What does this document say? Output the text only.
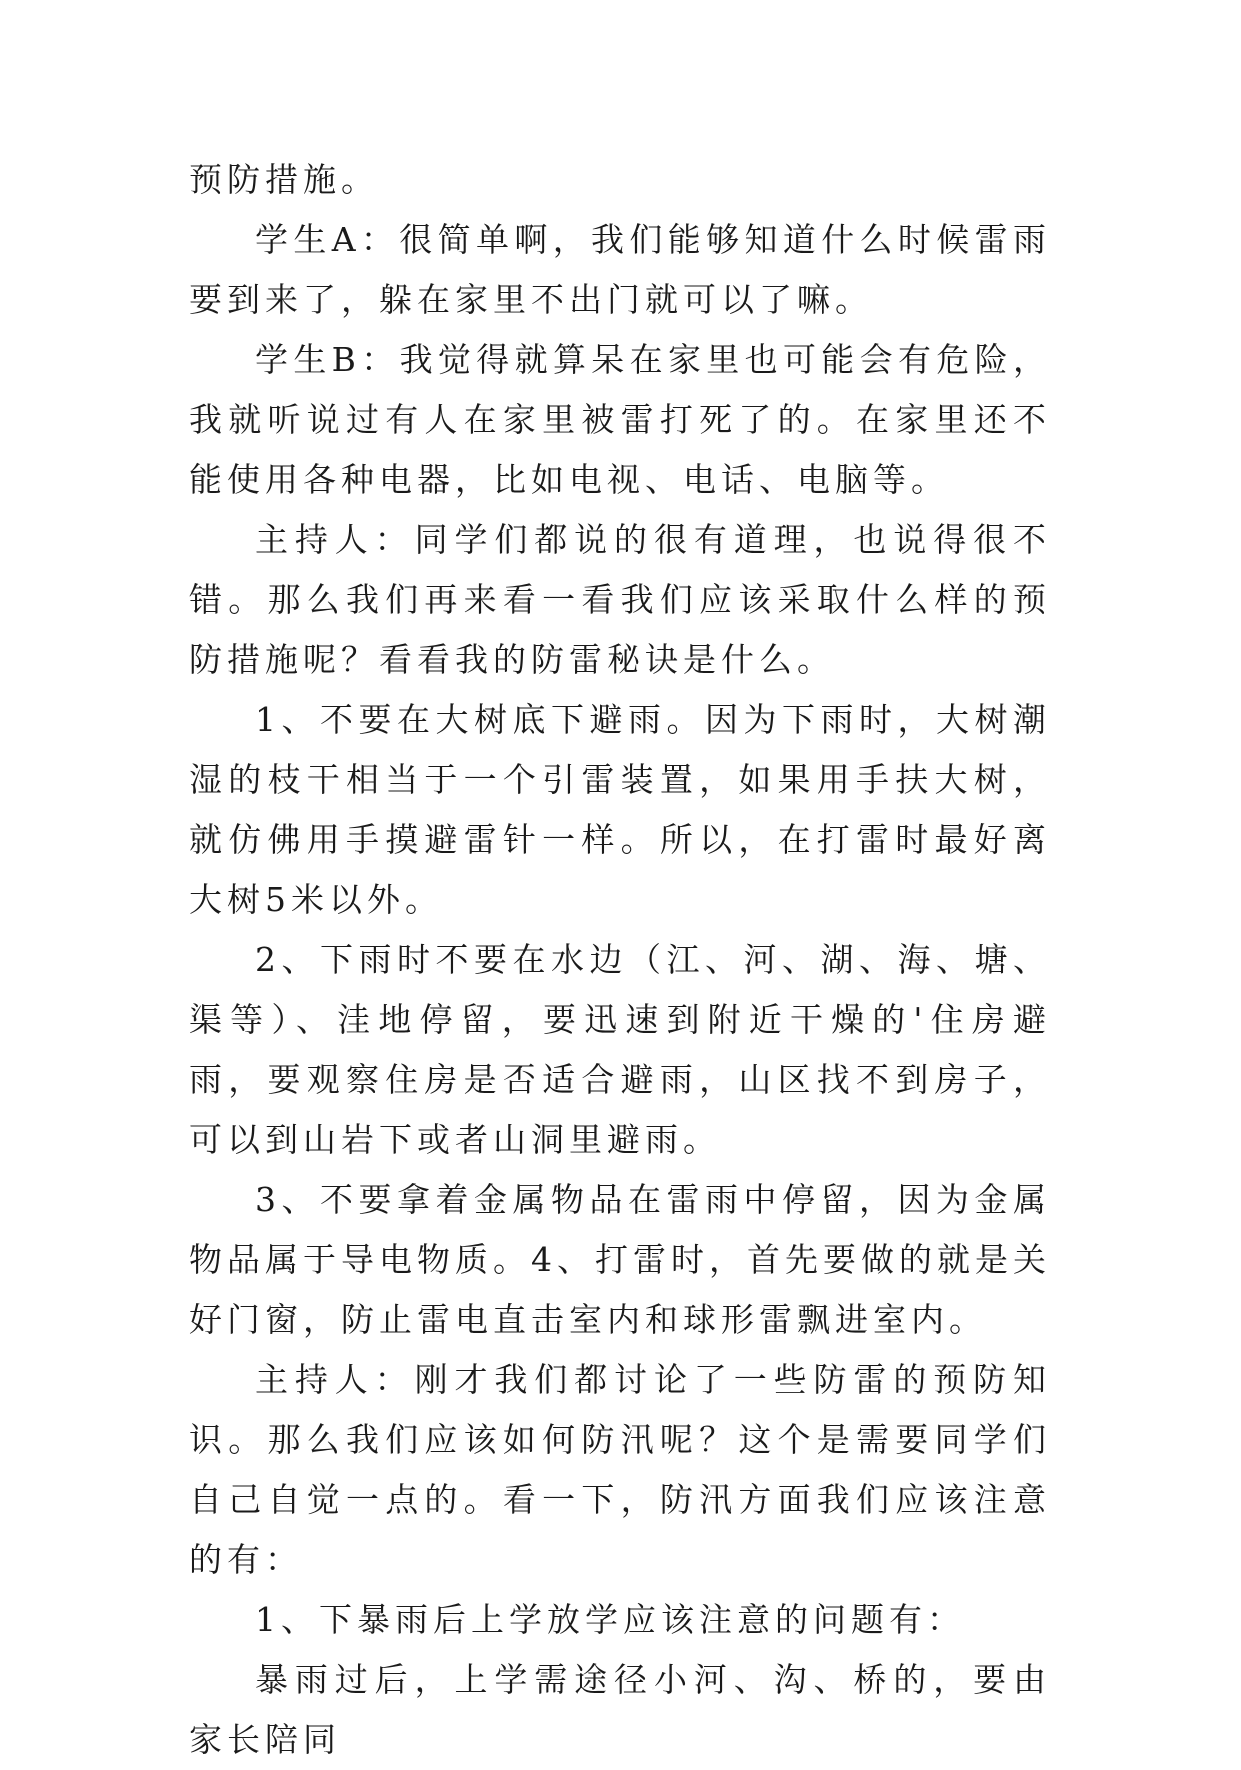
预防措施。

学生A：很简单啊，我们能够知道什么时候雷雨要到来了，躲在家里不出门就可以了嘛。

学生B：我觉得就算呆在家里也可能会有危险，我就听说过有人在家里被雷打死了的。在家里还不能使用各种电器，比如电视、电话、电脑等。

主持人：同学们都说的很有道理，也说得很不错。那么我们再来看一看我们应该采取什么样的预防措施呢？看看我的防雷秘诀是什么。

1、不要在大树底下避雨。因为下雨时，大树潮湿的枝干相当于一个引雷装置，如果用手扶大树，就仿佛用手摸避雷针一样。所以，在打雷时最好离大树5米以外。

2、下雨时不要在水边（江、河、湖、海、塘、渠等）、洼地停留，要迅速到附近干燥的'住房避雨，要观察住房是否适合避雨，山区找不到房子，可以到山岩下或者山洞里避雨。

3、不要拿着金属物品在雷雨中停留，因为金属物品属于导电物质。4、打雷时，首先要做的就是关好门窗，防止雷电直击室内和球形雷飘进室内。

主持人：刚才我们都讨论了一些防雷的预防知识。那么我们应该如何防汛呢？这个是需要同学们自己自觉一点的。看一下，防汛方面我们应该注意的有：

1、下暴雨后上学放学应该注意的问题有：

暴雨过后，上学需途径小河、沟、桥的，要由家长陪同
